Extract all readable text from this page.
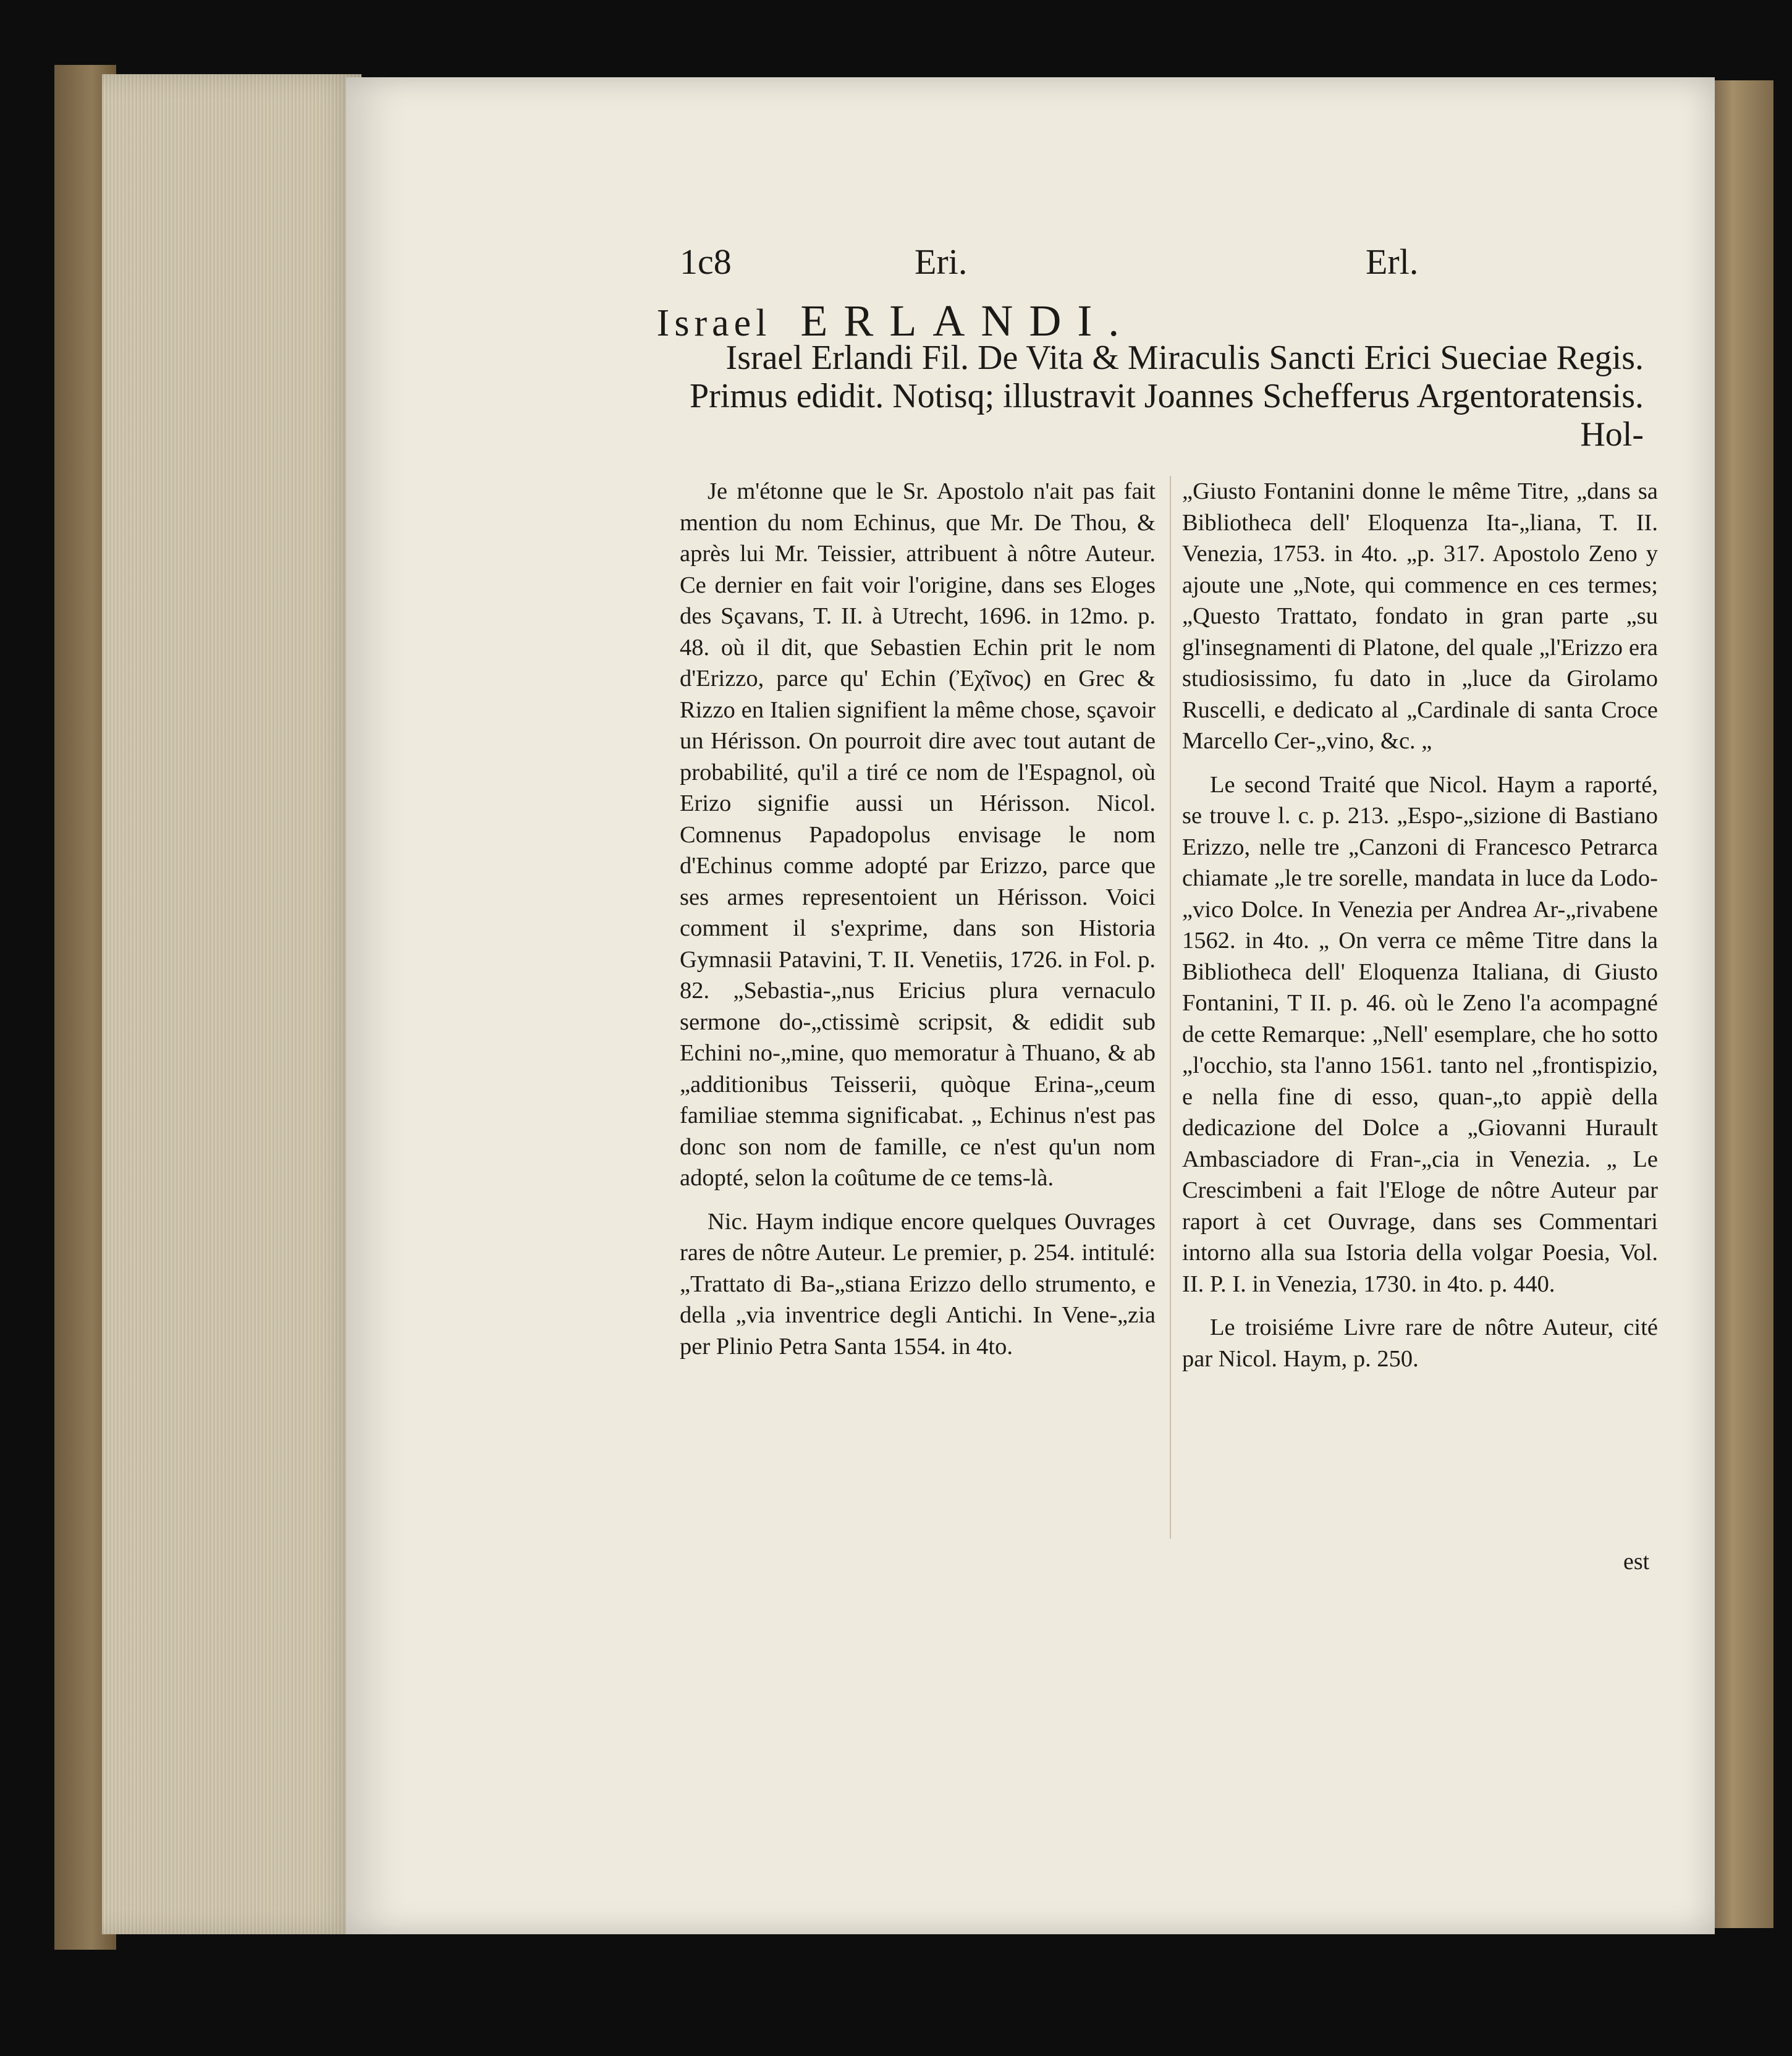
1c8	Eri.	Erl.
Israel ERLANDI.
Israel Erlandi Fil. De Vita & Miraculis Sancti Erici Sueciae Regis.
Primus edidit. Notisq; illustravit Joannes Schefferus Argentoratensis.
Hol-

Je m'étonne que le Sr. Apostolo n'ait pas fait mention du nom Echinus, que Mr. De Thou, & après lui Mr. Teissier, attribuent à nôtre Auteur. Ce dernier en fait voir l'origine, dans ses Eloges des Sçavans, T. II. à Utrecht, 1696. in 12mo. p. 48. où il dit, que Sebastien Echin prit le nom d'Erizzo, parce qu' Echin (Ἐχῖνος) en Grec & Rizzo en Italien signifient la même chose, sçavoir un Hérisson. On pourroit dire avec tout autant de probabilité, qu'il a tiré ce nom de l'Espagnol, où Erizo signifie aussi un Hérisson. Nicol. Comnenus Papadopolus envisage le nom d'Echinus comme adopté par Erizzo, parce que ses armes representoient un Hérisson. Voici comment il s'exprime, dans son Historia Gymnasii Patavini, T. II. Venetiis, 1726. in Fol. p. 82. „Sebastia-„nus Ericius plura vernaculo sermone do-„ctissimè scripsit, & edidit sub Echini no-„mine, quo memoratur à Thuano, & ab „additionibus Teisserii, quòque Erina-„ceum familiae stemma significabat. „ Echinus n'est pas donc son nom de famille, ce n'est qu'un nom adopté, selon la coûtume de ce tems-là.

Nic. Haym indique encore quelques Ouvrages rares de nôtre Auteur. Le premier, p. 254. intitulé: „Trattato di Ba-„stiana Erizzo dello strumento, e della „via inventrice degli Antichi. In Vene-„zia per Plinio Petra Santa 1554. in 4to.

„Giusto Fontanini donne le même Titre, „dans sa Bibliotheca dell' Eloquenza Ita-„liana, T. II. Venezia, 1753. in 4to. „p. 317. Apostolo Zeno y ajoute une „Note, qui commence en ces termes; „Questo Trattato, fondato in gran parte „su gl'insegnamenti di Platone, del quale „l'Erizzo era studiosissimo, fu dato in „luce da Girolamo Ruscelli, e dedicato al „Cardinale di santa Croce Marcello Cer-„vino, &c. „

Le second Traité que Nicol. Haym a raporté, se trouve l. c. p. 213. „Espo-„sizione di Bastiano Erizzo, nelle tre „Canzoni di Francesco Petrarca chiamate „le tre sorelle, mandata in luce da Lodo-„vico Dolce. In Venezia per Andrea Ar-„rivabene 1562. in 4to. „ On verra ce même Titre dans la Bibliotheca dell' Eloquenza Italiana, di Giusto Fontanini, T II. p. 46. où le Zeno l'a acompagné de cette Remarque: „Nell' esemplare, che ho sotto „l'occhio, sta l'anno 1561. tanto nel „frontispizio, e nella fine di esso, quan-„to appiè della dedicazione del Dolce a „Giovanni Hurault Ambasciadore di Fran-„cia in Venezia. „ Le Crescimbeni a fait l'Eloge de nôtre Auteur par raport à cet Ouvrage, dans ses Commentari intorno alla sua Istoria della volgar Poesia, Vol. II. P. I. in Venezia, 1730. in 4to. p. 440.

Le troisiéme Livre rare de nôtre Auteur, cité par Nicol. Haym, p. 250.

est
